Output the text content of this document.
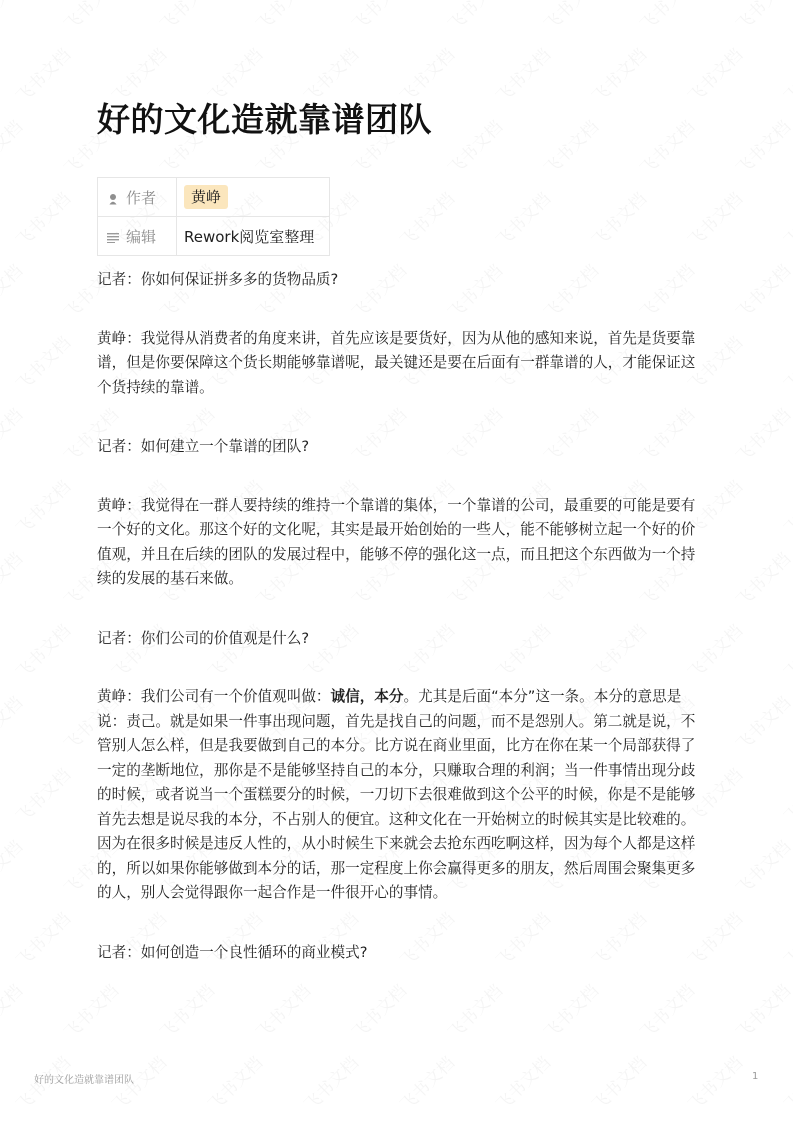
好的文化造就靠谱团队
作者	黄峥
编辑	Rework阅览室整理

记者：你如何保证拼多多的货物品质?

黄峥：我觉得从消费者的角度来讲，首先应该是要货好，因为从他的感知来说，首先是货要靠谱，但是你要保障这个货长期能够靠谱呢，最关键还是要在后面有一群靠谱的人，才能保证这个货持续的靠谱。

记者：如何建立一个靠谱的团队?

黄峥：我觉得在一群人要持续的维持一个靠谱的集体，一个靠谱的公司，最重要的可能是要有一个好的文化。那这个好的文化呢，其实是最开始创始的一些人，能不能够树立起一个好的价值观，并且在后续的团队的发展过程中，能够不停的强化这一点，而且把这个东西做为一个持续的发展的基石来做。

记者：你们公司的价值观是什么?

黄峥：我们公司有一个价值观叫做：诚信，本分。尤其是后面“本分”这一条。本分的意思是说：责己。就是如果一件事出现问题，首先是找自己的问题，而不是怨别人。第二就是说，不管别人怎么样，但是我要做到自己的本分。比方说在商业里面，比方在你在某一个局部获得了一定的垄断地位，那你是不是能够坚持自己的本分，只赚取合理的利润；当一件事情出现分歧的时候，或者说当一个蛋糕要分的时候，一刀切下去很难做到这个公平的时候，你是不是能够首先去想是说尽我的本分，不占别人的便宜。这种文化在一开始树立的时候其实是比较难的。因为在很多时候是违反人性的，从小时候生下来就会去抢东西吃啊这样，因为每个人都是这样的，所以如果你能够做到本分的话，那一定程度上你会赢得更多的朋友，然后周围会聚集更多的人，别人会觉得跟你一起合作是一件很开心的事情。

记者：如何创造一个良性循环的商业模式?

好的文化造就靠谱团队	1
